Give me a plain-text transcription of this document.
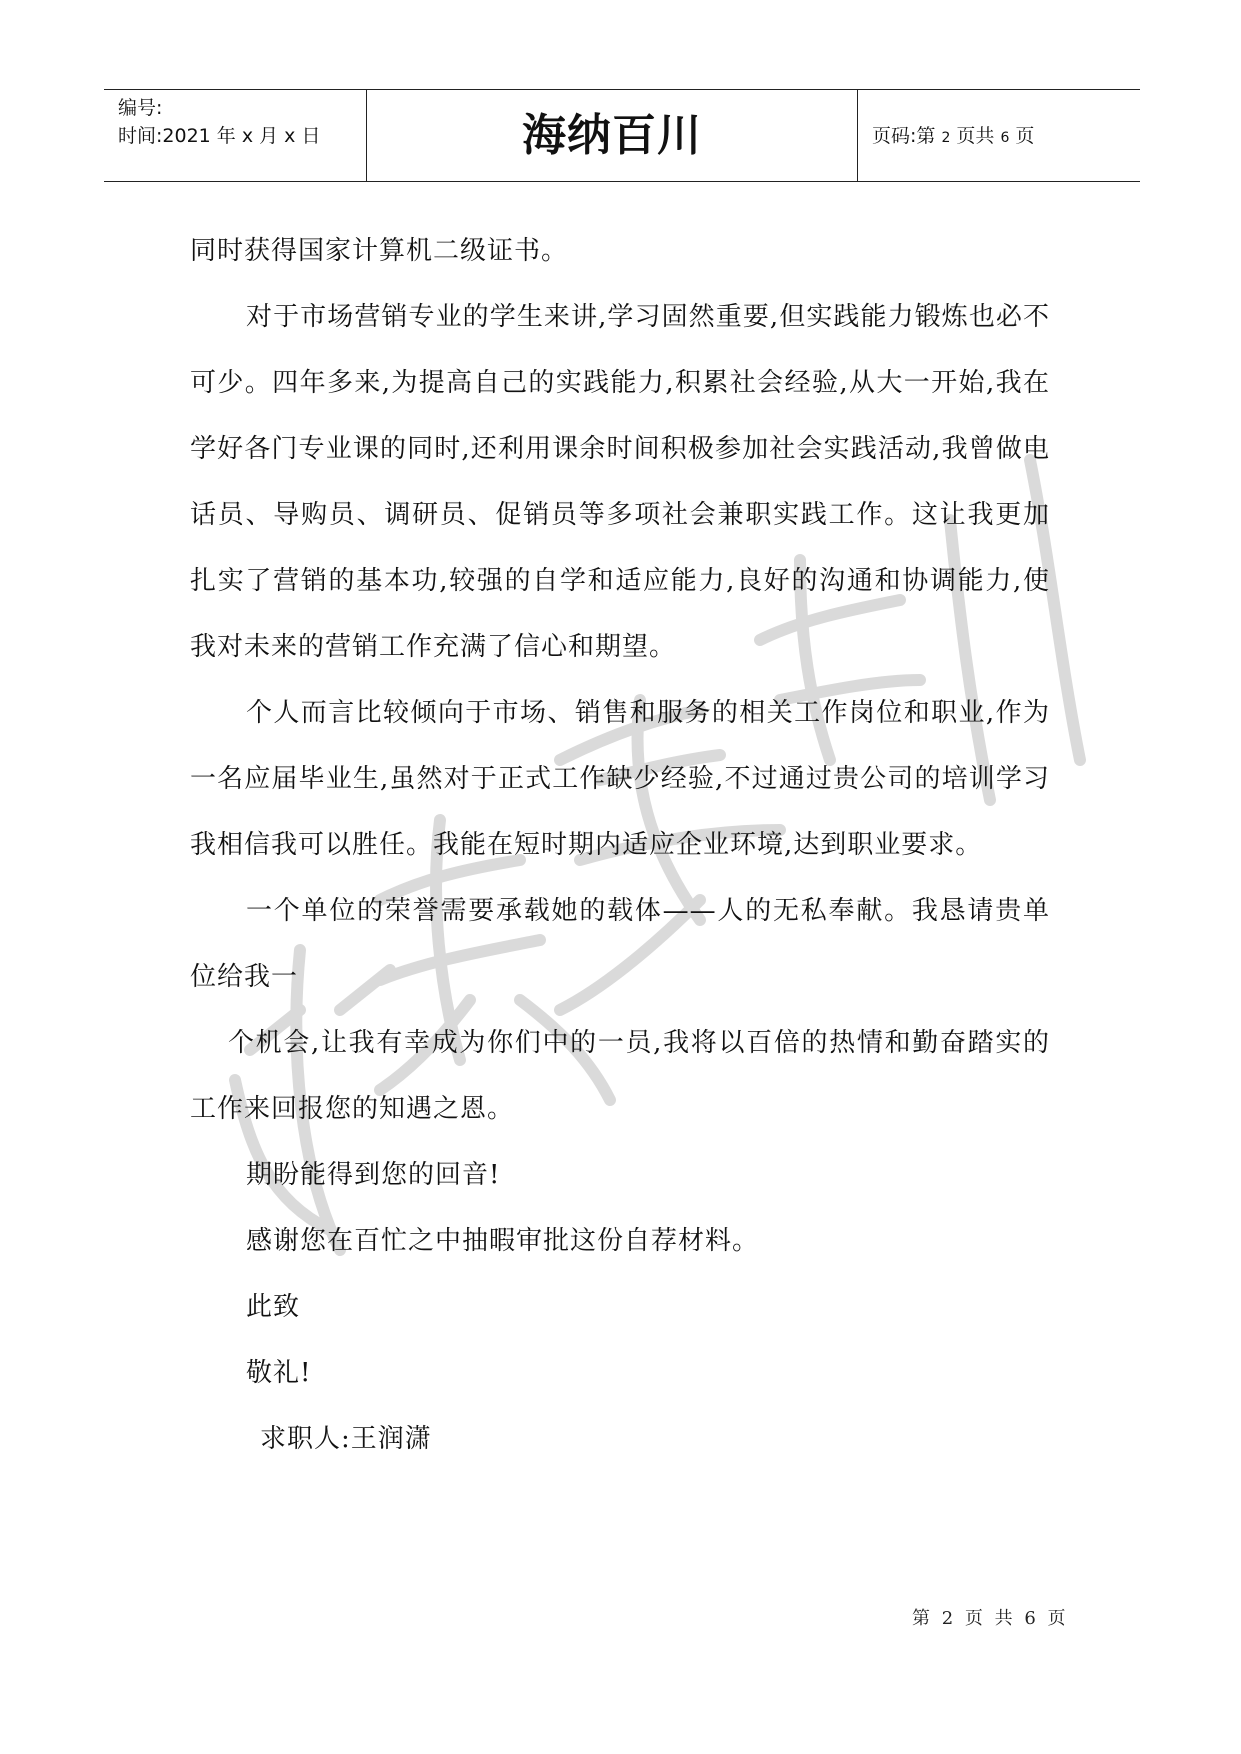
编号:
时间:2021 年 x 月 x 日	海纳百川	页码:第 2 页共 6 页

同时获得国家计算机二级证书。

对于市场营销专业的学生来讲,学习固然重要,但实践能力锻炼也必不可少。四年多来,为提高自己的实践能力,积累社会经验,从大一开始,我在学好各门专业课的同时,还利用课余时间积极参加社会实践活动,我曾做电话员、导购员、调研员、促销员等多项社会兼职实践工作。这让我更加扎实了营销的基本功,较强的自学和适应能力,良好的沟通和协调能力,使我对未来的营销工作充满了信心和期望。

个人而言比较倾向于市场、销售和服务的相关工作岗位和职业,作为一名应届毕业生,虽然对于正式工作缺少经验,不过通过贵公司的培训学习我相信我可以胜任。我能在短时期内适应企业环境,达到职业要求。

一个单位的荣誉需要承载她的载体——人的无私奉献。我恳请贵单位给我一

个机会,让我有幸成为你们中的一员,我将以百倍的热情和勤奋踏实的工作来回报您的知遇之恩。

期盼能得到您的回音!

感谢您在百忙之中抽暇审批这份自荐材料。

此致

敬礼!

求职人:王润潇

第 2 页 共 6 页
